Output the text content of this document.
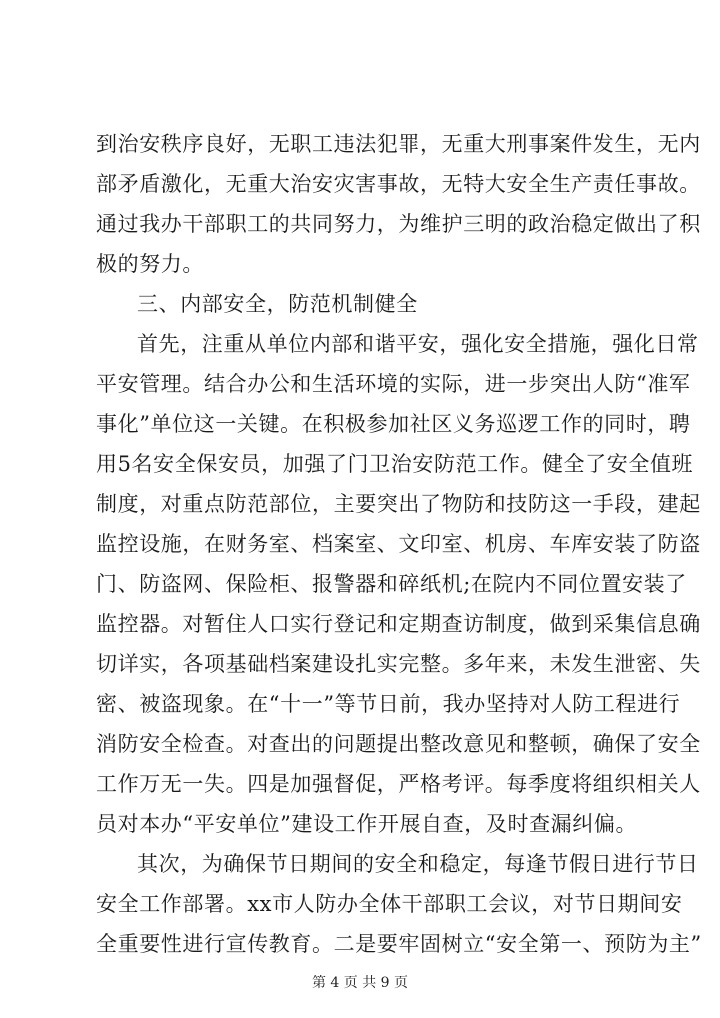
到治安秩序良好，无职工违法犯罪，无重大刑事案件发生，无内
部矛盾激化，无重大治安灾害事故，无特大安全生产责任事故。
通过我办干部职工的共同努力，为维护三明的政治稳定做出了积
极的努力。
三、内部安全，防范机制健全
首先，注重从单位内部和谐平安，强化安全措施，强化日常
平安管理。结合办公和生活环境的实际，进一步突出人防“准军
事化”单位这一关键。在积极参加社区义务巡逻工作的同时，聘
用5名安全保安员，加强了门卫治安防范工作。健全了安全值班
制度，对重点防范部位，主要突出了物防和技防这一手段，建起
监控设施，在财务室、档案室、文印室、机房、车库安装了防盗
门、防盗网、保险柜、报警器和碎纸机;在院内不同位置安装了
监控器。对暂住人口实行登记和定期查访制度，做到采集信息确
切详实，各项基础档案建设扎实完整。多年来，未发生泄密、失
密、被盗现象。在“十一”等节日前，我办坚持对人防工程进行
消防安全检查。对查出的问题提出整改意见和整顿，确保了安全
工作万无一失。四是加强督促，严格考评。每季度将组织相关人
员对本办“平安单位”建设工作开展自查，及时查漏纠偏。
其次，为确保节日期间的安全和稳定，每逢节假日进行节日
安全工作部署。xx市人防办全体干部职工会议，对节日期间安
全重要性进行宣传教育。二是要牢固树立“安全第一、预防为主”
第 4 页 共 9 页
